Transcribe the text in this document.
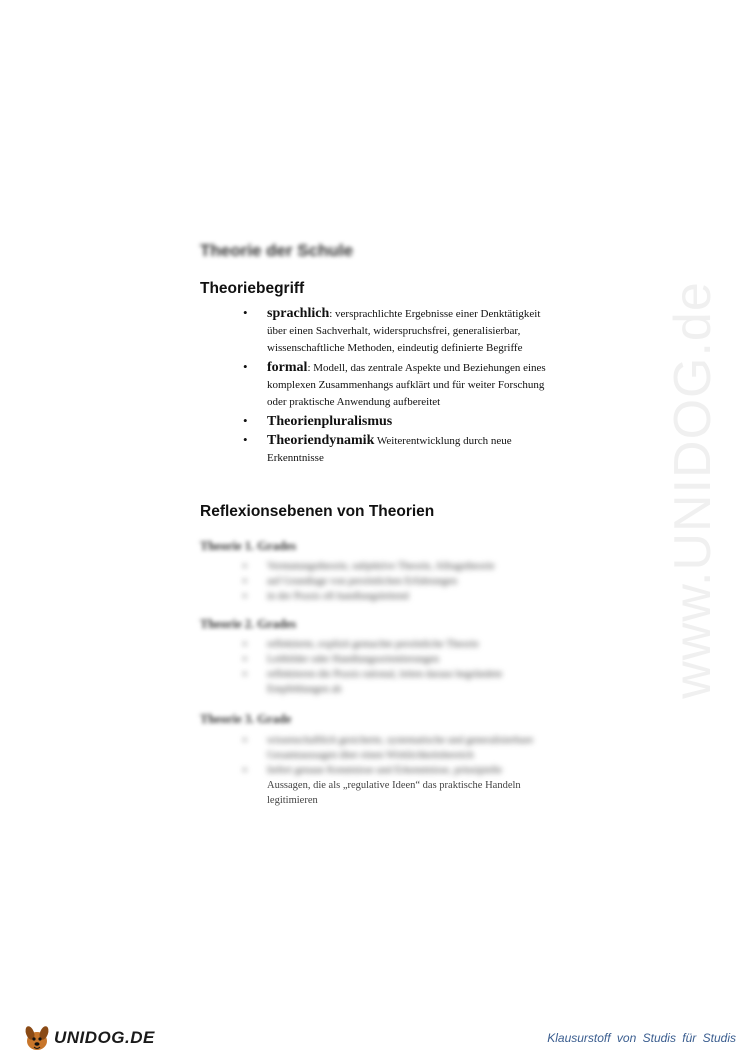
www.UNIDOG.de
Theorie der Schule
Theoriebegriff
• sprachlich: versprachlichte Ergebnisse einer Denktätigkeit über einen Sachverhalt, widerspruchsfrei, generalisierbar, wissenschaftliche Methoden, eindeutig definierte Begriffe
• formal: Modell, das zentrale Aspekte und Beziehungen eines komplexen Zusammenhangs aufklärt und für weiter Forschung oder praktische Anwendung aufbereitet
• Theorienpluralismus
• Theoriendynamik Weiterentwicklung durch neue Erkenntnisse
Reflexionsebenen von Theorien
Theorie 1. Grades
▪ Vermutungstheorie, subjektive Theorie, Alltagstheorie
▪ auf Grundlage von persönlichen Erfahrungen
▪ in der Praxis oft handlungsleitend
Theorie 2. Grades
▪ reflektierte, explizit gemachte persönliche Theorie
▪ Leitbilder oder Handlungsorientierungen
▪ reflektieren die Praxis rational, leiten daraus begründete Empfehlungen ab
Theorie 3. Grade
▪ wissenschaftlich gesicherte, systematische und generalisierbare Gesamtaussagen über einen Wirklichkeitsbereich
▪ liefert genaue Kenntnisse und Erkenntnisse, prinzipielle
Aussagen, die als „regulative Ideen“ das praktische Handeln legitimieren
UNIDOG.DE	Klausurstoff von Studis für Studis
